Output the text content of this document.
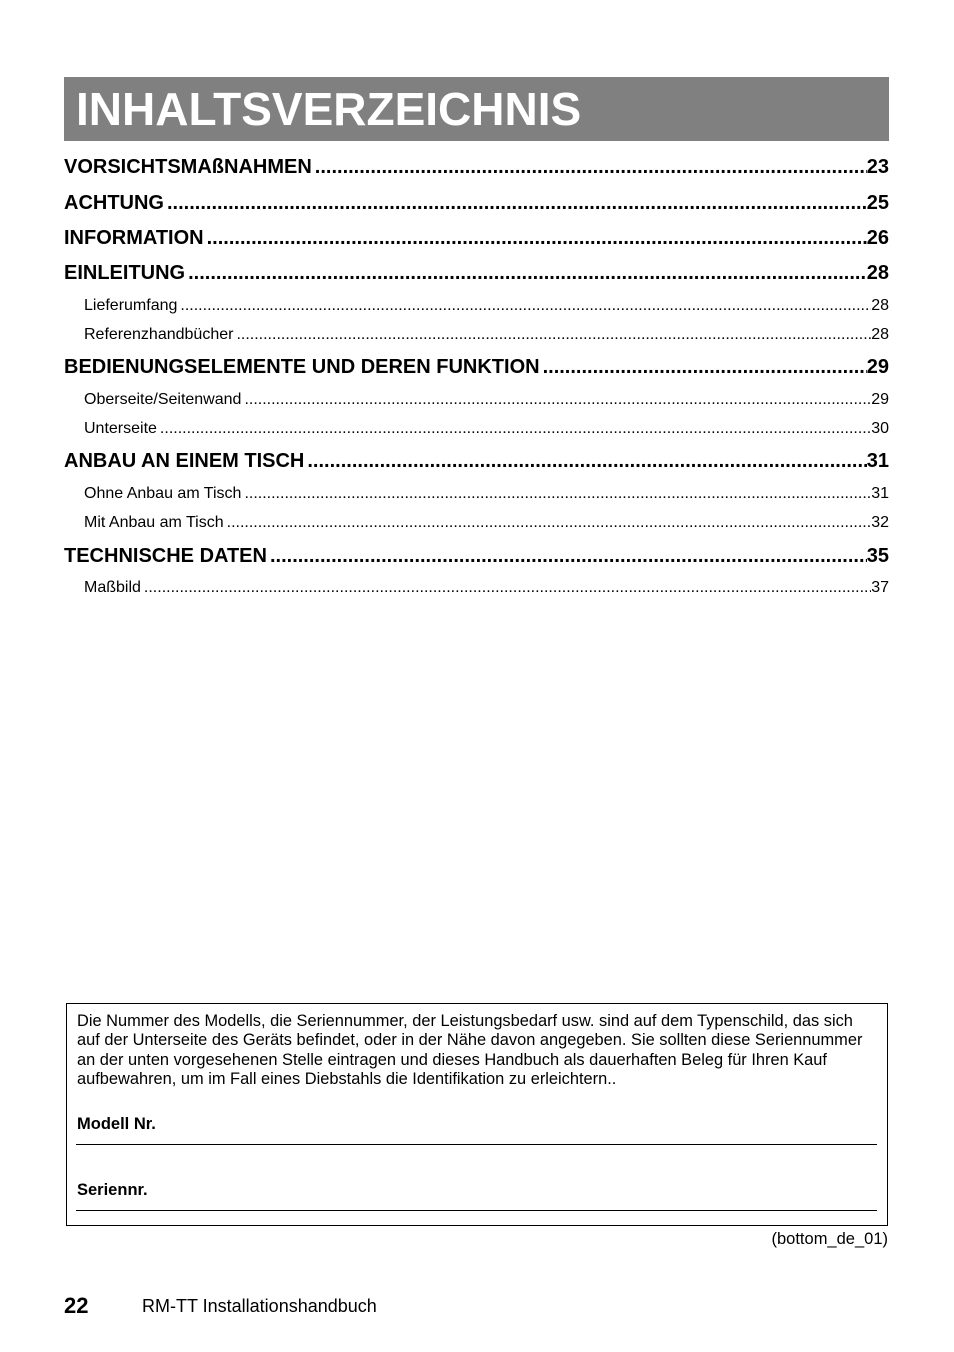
INHALTSVERZEICHNIS
VORSICHTSMAßNAHMEN .....	23
ACHTUNG .....	25
INFORMATION .....	26
EINLEITUNG .....	28
Lieferumfang .....	28
Referenzhandbücher .....	28
BEDIENUNGSELEMENTE UND DEREN FUNKTION .....	29
Oberseite/Seitenwand .....	29
Unterseite .....	30
ANBAU AN EINEM TISCH .....	31
Ohne Anbau am Tisch .....	31
Mit Anbau am Tisch .....	32
TECHNISCHE DATEN .....	35
Maßbild .....	37
Die Nummer des Modells, die Seriennummer, der Leistungsbedarf usw. sind auf dem Typenschild, das sich auf der Unterseite des Geräts befindet, oder in der Nähe davon angegeben. Sie sollten diese Seriennummer an der unten vorgesehenen Stelle eintragen und dieses Handbuch als dauerhaften Beleg für Ihren Kauf aufbewahren, um im Fall eines Diebstahls die Identifikation zu erleichtern..
Modell Nr.
Seriennr.
(bottom_de_01)
22	RM-TT Installationshandbuch
